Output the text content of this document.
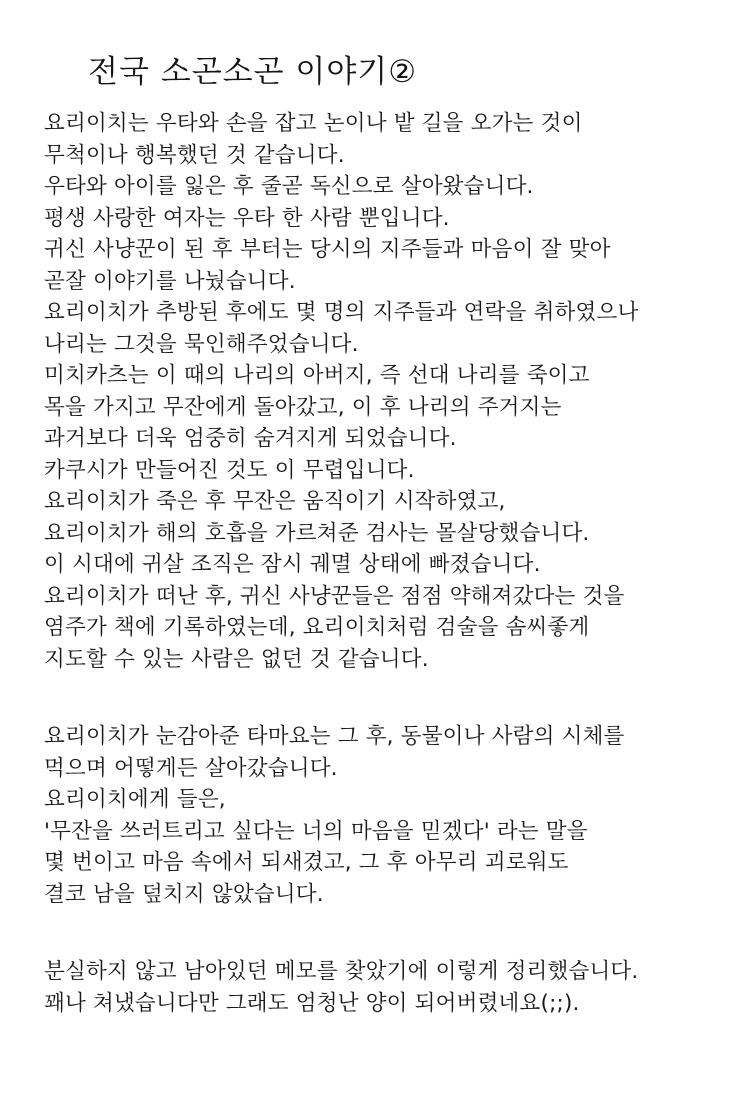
전국 소곤소곤 이야기②
요리이치는 우타와 손을 잡고 논이나 밭 길을 오가는 것이
무척이나 행복했던 것 같습니다.
우타와 아이를 잃은 후 줄곧 독신으로 살아왔습니다.
평생 사랑한 여자는 우타 한 사람 뿐입니다.
귀신 사냥꾼이 된 후 부터는 당시의 지주들과 마음이 잘 맞아
곧잘 이야기를 나눴습니다.
요리이치가 추방된 후에도 몇 명의 지주들과 연락을 취하였으나
나리는 그것을 묵인해주었습니다.
미치카츠는 이 때의 나리의 아버지, 즉 선대 나리를 죽이고
목을 가지고 무잔에게 돌아갔고, 이 후 나리의 주거지는
과거보다 더욱 엄중히 숨겨지게 되었습니다.
카쿠시가 만들어진 것도 이 무렵입니다.
요리이치가 죽은 후 무잔은 움직이기 시작하였고,
요리이치가 해의 호흡을 가르쳐준 검사는 몰살당했습니다.
이 시대에 귀살 조직은 잠시 궤멸 상태에 빠졌습니다.
요리이치가 떠난 후, 귀신 사냥꾼들은 점점 약해져갔다는 것을
염주가 책에 기록하였는데, 요리이치처럼 검술을 솜씨좋게
지도할 수 있는 사람은 없던 것 같습니다.
요리이치가 눈감아준 타마요는 그 후, 동물이나 사람의 시체를
먹으며 어떻게든 살아갔습니다.
요리이치에게 들은,
'무잔을 쓰러트리고 싶다는 너의 마음을 믿겠다' 라는 말을
몇 번이고 마음 속에서 되새겼고, 그 후 아무리 괴로워도
결코 남을 덮치지 않았습니다.
분실하지 않고 남아있던 메모를 찾았기에 이렇게 정리했습니다.
꽤나 쳐냈습니다만 그래도 엄청난 양이 되어버렸네요(;;).
